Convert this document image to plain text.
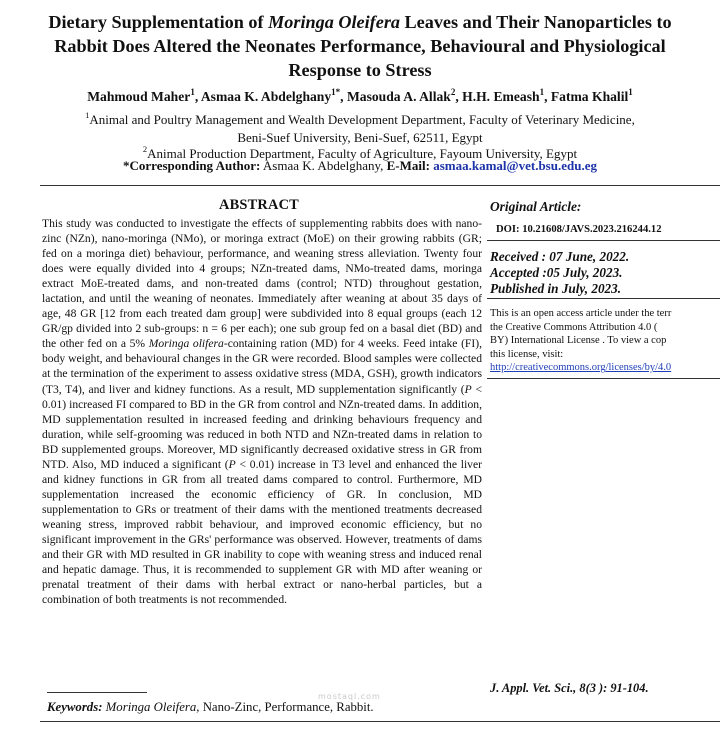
Dietary Supplementation of Moringa Oleifera Leaves and Their Nanoparticles to
Rabbit Does Altered the Neonates Performance, Behavioural and Physiological
Response to Stress
Mahmoud Maher$^1$, Asmaa K. Abdelghany$^{1*}$, Masouda A. Allak$^2$, H.H. Emeash$^1$, Fatma Khalil$^1$
$^1$Animal and Poultry Management and Wealth Development Department, Faculty of Veterinary Medicine,
Beni-Suef University, Beni-Suef, 62511, Egypt
$^2$Animal Production Department, Faculty of Agriculture, Fayoum University, Egypt
*Corresponding Author: Asmaa K. Abdelghany, E-Mail: asmaa.kamal@vet.bsu.edu.eg
ABSTRACT
This study was conducted to investigate the effects of supplementing rabbits does with nano-zinc (NZn), nano-moringa (NMo), or moringa extract (MoE) on their growing rabbits (GR; fed on a moringa diet) behaviour, performance, and weaning stress alleviation. Twenty four does were equally divided into 4 groups; NZn-treated dams, NMo-treated dams, moringa extract MoE-treated dams, and non-treated dams (control; NTD) throughout gestation, lactation, and until the weaning of neonates. Immediately after weaning at about 35 days of age, 48 GR [12 from each treated dam group] were subdivided into 8 equal groups (each 12 GR/gp divided into 2 sub-groups: n = 6 per each); one sub group fed on a basal diet (BD) and the other fed on a 5% Moringa olifera-containing ration (MD) for 4 weeks. Feed intake (FI), body weight, and behavioural changes in the GR were recorded. Blood samples were collected at the termination of the experiment to assess oxidative stress (MDA, GSH), growth indicators (T3, T4), and liver and kidney functions. As a result, MD supplementation significantly (P < 0.01) increased FI compared to BD in the GR from control and NZn-treated dams. In addition, MD supplementation resulted in increased feeding and drinking behaviours frequency and duration, while self-grooming was reduced in both NTD and NZn-treated dams in relation to BD supplemented groups. Moreover, MD significantly decreased oxidative stress in GR from NTD. Also, MD induced a significant (P < 0.01) increase in T3 level and enhanced the liver and kidney functions in GR from all treated dams compared to control. Furthermore, MD supplementation increased the economic efficiency of GR. In conclusion, MD supplementation to GRs or treatment of their dams with the mentioned treatments decreased weaning stress, improved rabbit behaviour, and improved economic efficiency, but no significant improvement in the GRs' performance was observed. However, treatments of dams and their GR with MD resulted in GR inability to cope with weaning stress and induced renal and hepatic damage. Thus, it is recommended to supplement GR with MD after weaning or prenatal treatment of their dams with herbal extract or nano-herbal particles, but a combination of both treatments is not recommended.
Keywords: Moringa Oleifera, Nano-Zinc, Performance, Rabbit.
Original Article:
DOI: 10.21608/JAVS.2023.216244.12
Received : 07 June, 2022.
Accepted :05 July, 2023.
Published in July, 2023.
This is an open access article under the terr
the Creative Commons Attribution 4.0 (
BY) International License . To view a cop
this license, visit:
http://creativecommons.org/licenses/by/4.0
J. Appl. Vet. Sci., 8(3 ): 91-104.
mostaql.com
